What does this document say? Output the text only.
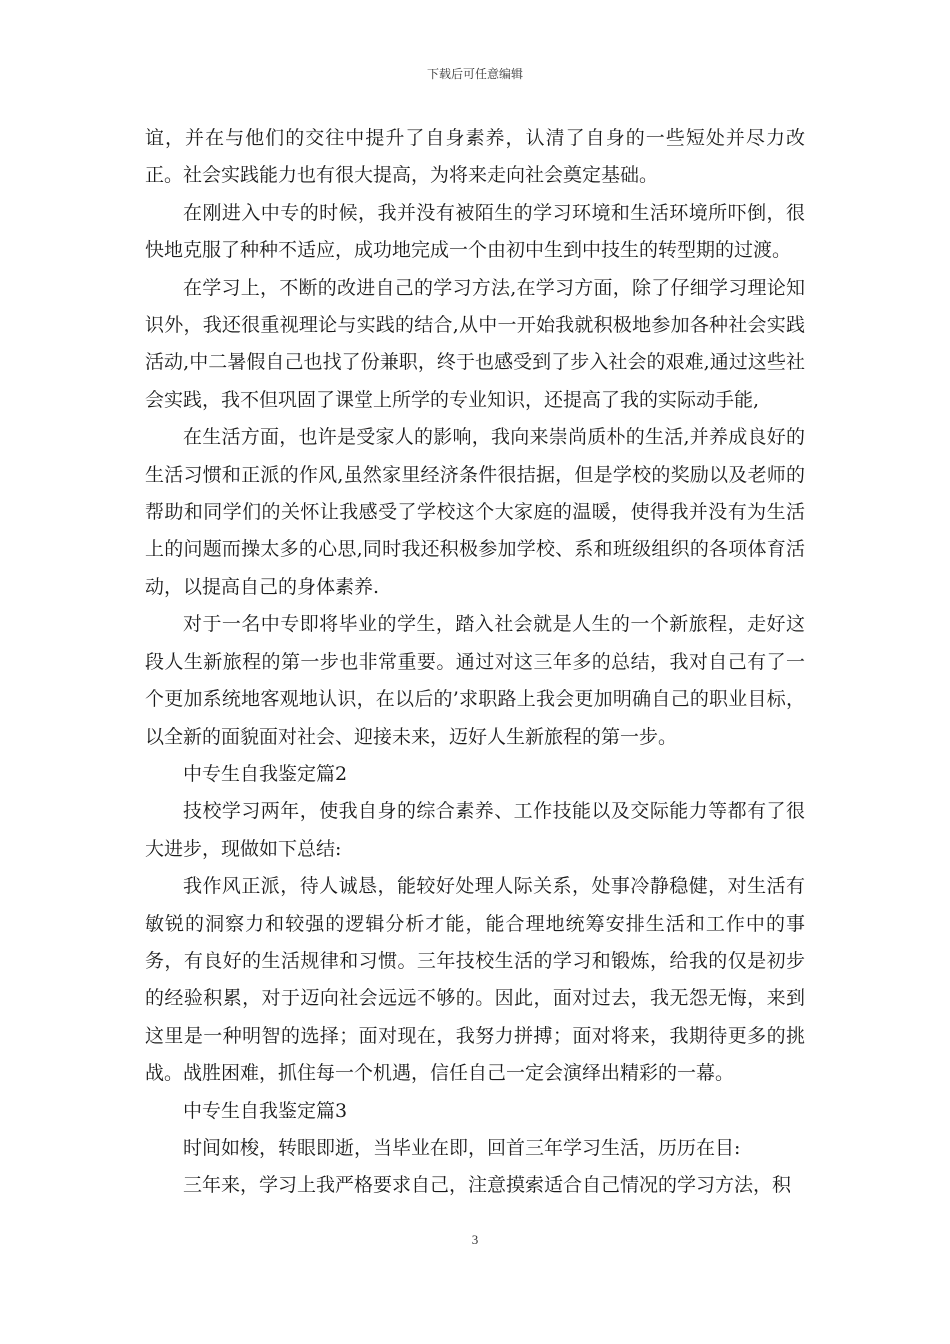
下载后可任意编辑

谊，并在与他们的交往中提升了自身素养，认清了自身的一些短处并尽力改正。社会实践能力也有很大提高，为将来走向社会奠定基础。

在刚进入中专的时候，我并没有被陌生的学习环境和生活环境所吓倒，很快地克服了种种不适应，成功地完成一个由初中生到中技生的转型期的过渡。

在学习上，不断的改进自己的学习方法,在学习方面，除了仔细学习理论知识外，我还很重视理论与实践的结合,从中一开始我就积极地参加各种社会实践活动,中二暑假自己也找了份兼职，终于也感受到了步入社会的艰难,通过这些社会实践，我不但巩固了课堂上所学的专业知识，还提高了我的实际动手能,

在生活方面，也许是受家人的影响，我向来崇尚质朴的生活,并养成良好的生活习惯和正派的作风,虽然家里经济条件很拮据，但是学校的奖励以及老师的帮助和同学们的关怀让我感受了学校这个大家庭的温暖，使得我并没有为生活上的问题而操太多的心思,同时我还积极参加学校、系和班级组织的各项体育活动，以提高自己的身体素养.

对于一名中专即将毕业的学生，踏入社会就是人生的一个新旅程，走好这段人生新旅程的第一步也非常重要。通过对这三年多的总结，我对自己有了一个更加系统地客观地认识，在以后的’求职路上我会更加明确自己的职业目标，以全新的面貌面对社会、迎接未来，迈好人生新旅程的第一步。

中专生自我鉴定篇2

技校学习两年，使我自身的综合素养、工作技能以及交际能力等都有了很大进步，现做如下总结:

我作风正派，待人诚恳，能较好处理人际关系，处事冷静稳健，对生活有敏锐的洞察力和较强的逻辑分析才能，能合理地统筹安排生活和工作中的事务，有良好的生活规律和习惯。三年技校生活的学习和锻炼，给我的仅是初步的经验积累，对于迈向社会远远不够的。因此，面对过去，我无怨无悔，来到这里是一种明智的选择；面对现在，我努力拼搏；面对将来，我期待更多的挑战。战胜困难，抓住每一个机遇，信任自己一定会演绎出精彩的一幕。

中专生自我鉴定篇3

时间如梭，转眼即逝，当毕业在即，回首三年学习生活，历历在目:

三年来，学习上我严格要求自己，注意摸索适合自己情况的学习方法，积

3
